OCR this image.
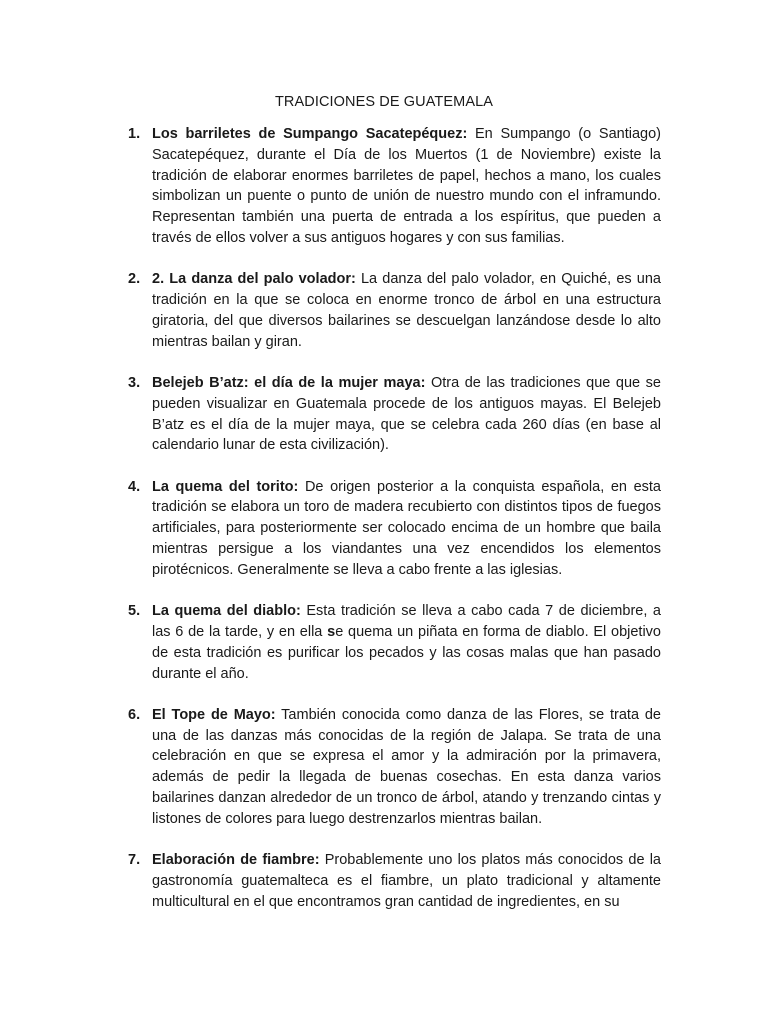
TRADICIONES DE GUATEMALA
1. Los barriletes de Sumpango Sacatepéquez: En Sumpango (o Santiago) Sacatepéquez, durante el Día de los Muertos (1 de Noviembre) existe la tradición de elaborar enormes barriletes de papel, hechos a mano, los cuales simbolizan un puente o punto de unión de nuestro mundo con el inframundo. Representan también una puerta de entrada a los espíritus, que pueden a través de ellos volver a sus antiguos hogares y con sus familias.
2. 2. La danza del palo volador: La danza del palo volador, en Quiché, es una tradición en la que se coloca en enorme tronco de árbol en una estructura giratoria, del que diversos bailarines se descuelgan lanzándose desde lo alto mientras bailan y giran.
3. Belejeb B’atz: el día de la mujer maya: Otra de las tradiciones que que se pueden visualizar en Guatemala procede de los antiguos mayas. El Belejeb B’atz es el día de la mujer maya, que se celebra cada 260 días (en base al calendario lunar de esta civilización).
4. La quema del torito: De origen posterior a la conquista española, en esta tradición se elabora un toro de madera recubierto con distintos tipos de fuegos artificiales, para posteriormente ser colocado encima de un hombre que baila mientras persigue a los viandantes una vez encendidos los elementos pirotécnicos. Generalmente se lleva a cabo frente a las iglesias.
5. La quema del diablo: Esta tradición se lleva a cabo cada 7 de diciembre, a las 6 de la tarde, y en ella se quema un piñata en forma de diablo. El objetivo de esta tradición es purificar los pecados y las cosas malas que han pasado durante el año.
6. El Tope de Mayo: También conocida como danza de las Flores, se trata de una de las danzas más conocidas de la región de Jalapa. Se trata de una celebración en que se expresa el amor y la admiración por la primavera, además de pedir la llegada de buenas cosechas. En esta danza varios bailarines danzan alrededor de un tronco de árbol, atando y trenzando cintas y listones de colores para luego destrenzarlos mientras bailan.
7. Elaboración de fiambre: Probablemente uno los platos más conocidos de la gastronomía guatemalteca es el fiambre, un plato tradicional y altamente multicultural en el que encontramos gran cantidad de ingredientes, en su
